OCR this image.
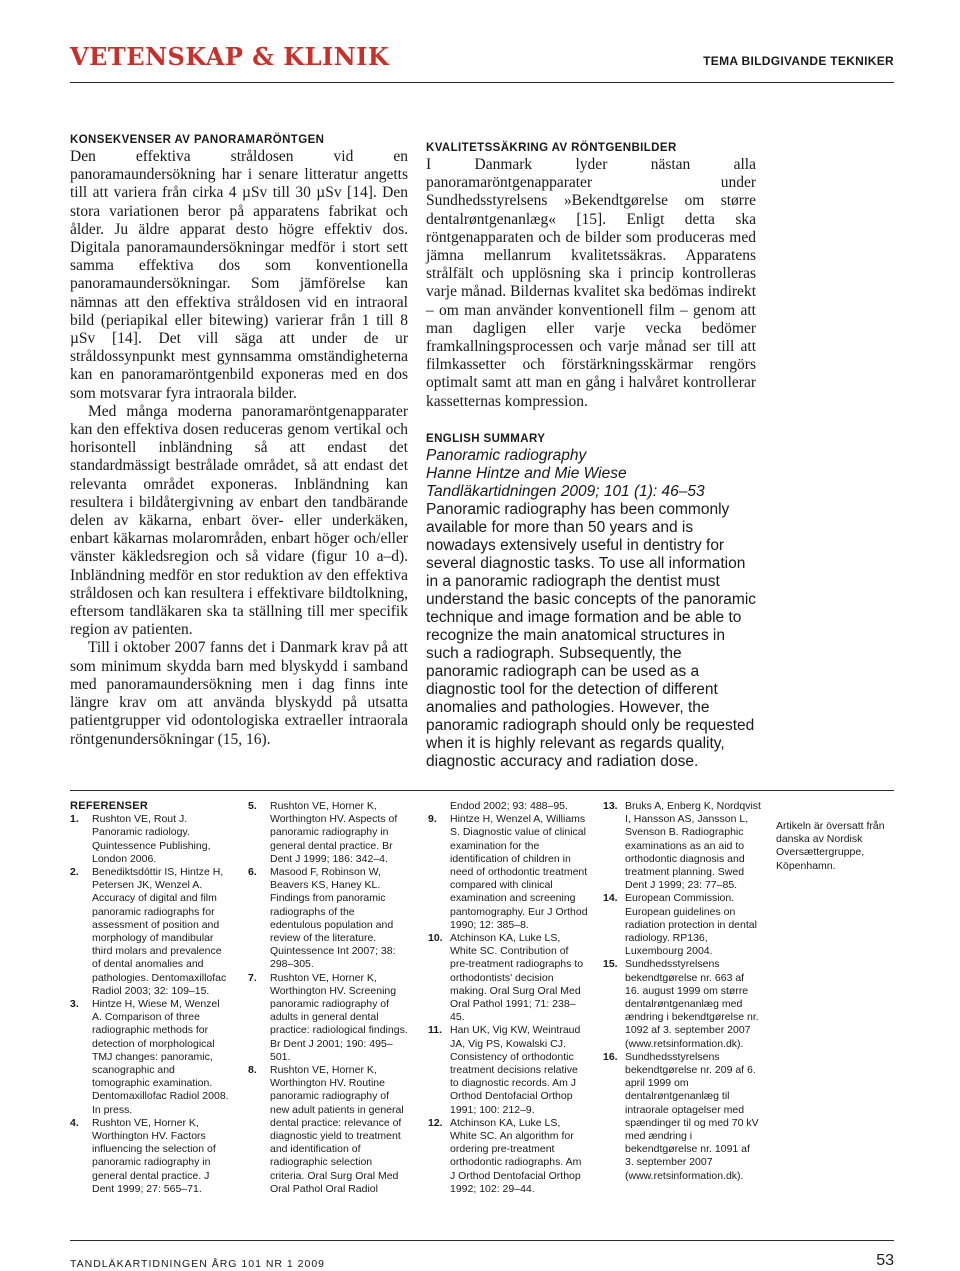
VETENSKAP & KLINIK	TEMA BILDGIVANDE TEKNIKER
KONSEKVENSER AV PANORAMARÖNTGEN

Den effektiva stråldosen vid en panoramaundersökning har i senare litteratur angetts till att variera från cirka 4 µSv till 30 µSv [14]. Den stora variationen beror på apparatens fabrikat och ålder. Ju äldre apparat desto högre effektiv dos. Digitala panoramaundersökningar medför i stort sett samma effektiva dos som konventionella panoramaundersökningar. Som jämförelse kan nämnas att den effektiva stråldosen vid en intraoral bild (periapikal eller bitewing) varierar från 1 till 8 µSv [14]. Det vill säga att under de ur stråldossynpunkt mest gynnsamma omständigheterna kan en panoramaröntgenbild exponeras med en dos som motsvarar fyra intraorala bilder.

Med många moderna panoramaröntgenapparater kan den effektiva dosen reduceras genom vertikal och horisontell inbländning så att endast det standardmässigt bestrålade området, så att endast det relevanta området exponeras. Inbländning kan resultera i bildåtergivning av enbart den tandbärande delen av käkarna, enbart över- eller underkäken, enbart käkarnas molarområden, enbart höger och/eller vänster käkledsregion och så vidare (figur 10 a–d). Inbländning medför en stor reduktion av den effektiva stråldosen och kan resultera i effektivare bildtolkning, eftersom tandläkaren ska ta ställning till mer specifik region av patienten.

Till i oktober 2007 fanns det i Danmark krav på att som minimum skydda barn med blyskydd i samband med panoramaundersökning men i dag finns inte längre krav om att använda blyskydd på utsatta patientgrupper vid odontologiska extraeller intraorala röntgenundersökningar (15, 16).

KVALITETSSÄKRING AV RÖNTGENBILDER

I Danmark lyder nästan alla panoramaröntgenapparater under Sundhedsstyrelsens »Bekendtgørelse om større dentalrøntgenanlæg« [15]. Enligt detta ska röntgenapparaten och de bilder som produceras med jämna mellanrum kvalitetssäkras. Apparatens strålfält och upplösning ska i princip kontrolleras varje månad. Bildernas kvalitet ska bedömas indirekt – om man använder konventionell film – genom att man dagligen eller varje vecka bedömer framkallningsprocessen och varje månad ser till att filmkassetter och förstärkningsskärmar rengörs optimalt samt att man en gång i halvåret kontrollerar kassetternas kompression.

ENGLISH SUMMARY

Panoramic radiography

Hanne Hintze and Mie Wiese

Tandläkartidningen 2009; 101 (1): 46–53

Panoramic radiography has been commonly available for more than 50 years and is nowadays extensively useful in dentistry for several diagnostic tasks. To use all information in a panoramic radiograph the dentist must understand the basic concepts of the panoramic technique and image formation and be able to recognize the main anatomical structures in such a radiograph. Subsequently, the panoramic radiograph can be used as a diagnostic tool for the detection of different anomalies and pathologies. However, the panoramic radiograph should only be requested when it is highly relevant as regards quality, diagnostic accuracy and radiation dose.

REFERENSER
1. Rushton VE, Rout J. Panoramic radiology. Quintessence Publishing, London 2006.
2. Benediktsdóttir IS, Hintze H, Petersen JK, Wenzel A. Accuracy of digital and film panoramic radiographs for assessment of position and morphology of mandibular third molars and prevalence of dental anomalies and pathologies. Dentomaxillofac Radiol 2003; 32: 109–15.
3. Hintze H, Wiese M, Wenzel A. Comparison of three radiographic methods for detection of morphological TMJ changes: panoramic, scanographic and tomographic examination. Dentomaxillofac Radiol 2008. In press.
4. Rushton VE, Horner K, Worthington HV. Factors influencing the selection of panoramic radiography in general dental practice. J Dent 1999; 27: 565–71.
5. Rushton VE, Horner K, Worthington HV. Aspects of panoramic radiography in general dental practice. Br Dent J 1999; 186: 342–4.
6. Masood F, Robinson W, Beavers KS, Haney KL. Findings from panoramic radiographs of the edentulous population and review of the literature. Quintessence Int 2007; 38: 298–305.
7. Rushton VE, Horner K, Worthington HV. Screening panoramic radiography of adults in general dental practice: radiological findings. Br Dent J 2001; 190: 495–501.
8. Rushton VE, Horner K, Worthington HV. Routine panoramic radiography of new adult patients in general dental practice: relevance of diagnostic yield to treatment and identification of radiographic selection criteria. Oral Surg Oral Med Oral Pathol Oral Radiol
Endod 2002; 93: 488–95.
9. Hintze H, Wenzel A, Williams S. Diagnostic value of clinical examination for the identification of children in need of orthodontic treatment compared with clinical examination and screening pantomography. Eur J Orthod 1990; 12: 385–8.
10. Atchinson KA, Luke LS, White SC. Contribution of pre-treatment radiographs to orthodontists' decision making. Oral Surg Oral Med Oral Pathol 1991; 71: 238–45.
11. Han UK, Vig KW, Weintraud JA, Vig PS, Kowalski CJ. Consistency of orthodontic treatment decisions relative to diagnostic records. Am J Orthod Dentofacial Orthop 1991; 100: 212–9.
12. Atchinson KA, Luke LS, White SC. An algorithm for ordering pre-treatment orthodontic radiographs. Am J Orthod Dentofacial Orthop 1992; 102: 29–44.
13. Bruks A, Enberg K, Nordqvist I, Hansson AS, Jansson L, Svenson B. Radiographic examinations as an aid to orthodontic diagnosis and treatment planning. Swed Dent J 1999; 23: 77–85.
14. European Commission. European guidelines on radiation protection in dental radiology. RP136, Luxembourg 2004.
15. Sundhedsstyrelsens bekendtgørelse nr. 663 af 16. august 1999 om større dentalrøntgenanlæg med ændring i bekendtgørelse nr. 1092 af 3. september 2007 (www.retsinformation.dk).
16. Sundhedsstyrelsens bekendtgørelse nr. 209 af 6. april 1999 om dentalrøntgenanlæg til intraorale optagelser med spændinger til og med 70 kV med ændring i bekendtgørelse nr. 1091 af 3. september 2007 (www.retsinformation.dk).
Artikeln är översatt från danska av Nordisk Oversættergruppe, Köpenhamn.
TANDLÄKARTIDNINGEN ÅRG 101 NR 1 2009	53
